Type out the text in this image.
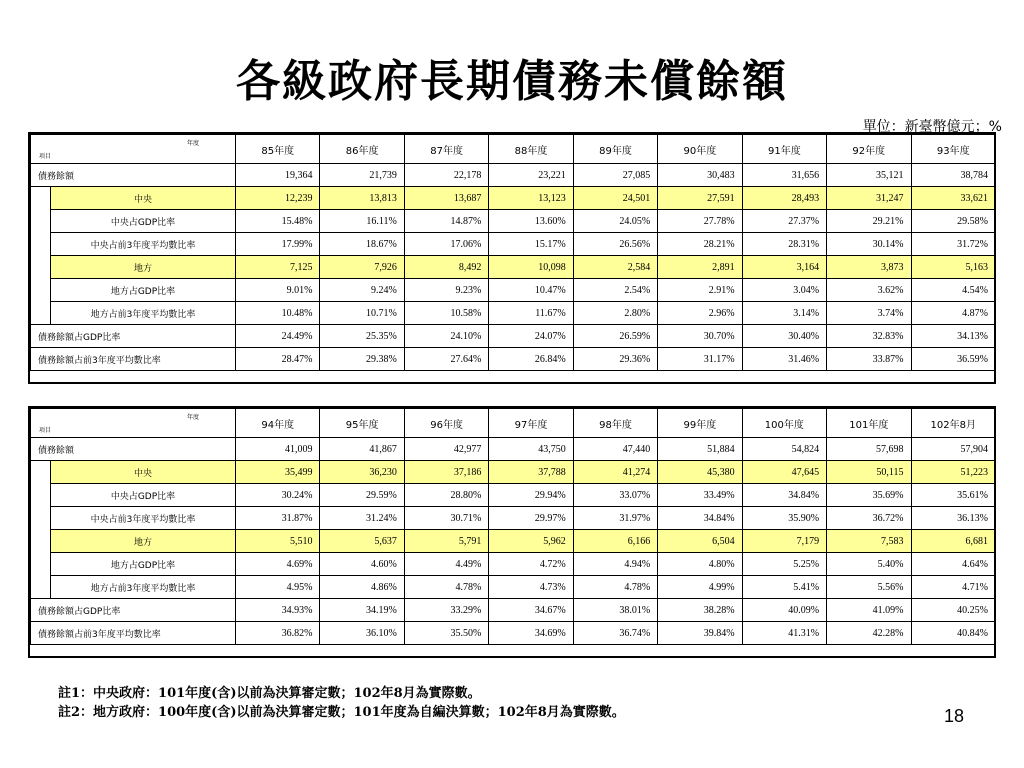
各級政府長期債務未償餘額
單位：新臺幣億元；%
年度
項目		85年度	86年度	87年度	88年度	89年度	90年度	91年度	92年度	93年度
債務餘額		19,364	21,739	22,178	23,221	27,085	30,483	31,656	35,121	38,784
	中央	12,239	13,813	13,687	13,123	24,501	27,591	28,493	31,247	33,621
	中央占GDP比率	15.48%	16.11%	14.87%	13.60%	24.05%	27.78%	27.37%	29.21%	29.58%
	中央占前3年度平均數比率	17.99%	18.67%	17.06%	15.17%	26.56%	28.21%	28.31%	30.14%	31.72%
	地方	7,125	7,926	8,492	10,098	2,584	2,891	3,164	3,873	5,163
	地方占GDP比率	9.01%	9.24%	9.23%	10.47%	2.54%	2.91%	3.04%	3.62%	4.54%
	地方占前3年度平均數比率	10.48%	10.71%	10.58%	11.67%	2.80%	2.96%	3.14%	3.74%	4.87%
債務餘額占GDP比率		24.49%	25.35%	24.10%	24.07%	26.59%	30.70%	30.40%	32.83%	34.13%
債務餘額占前3年度平均數比率		28.47%	29.38%	27.64%	26.84%	29.36%	31.17%	31.46%	33.87%	36.59%
年度
項目		94年度	95年度	96年度	97年度	98年度	99年度	100年度	101年度	102年8月
債務餘額		41,009	41,867	42,977	43,750	47,440	51,884	54,824	57,698	57,904
	中央	35,499	36,230	37,186	37,788	41,274	45,380	47,645	50,115	51,223
	中央占GDP比率	30.24%	29.59%	28.80%	29.94%	33.07%	33.49%	34.84%	35.69%	35.61%
	中央占前3年度平均數比率	31.87%	31.24%	30.71%	29.97%	31.97%	34.84%	35.90%	36.72%	36.13%
	地方	5,510	5,637	5,791	5,962	6,166	6,504	7,179	7,583	6,681
	地方占GDP比率	4.69%	4.60%	4.49%	4.72%	4.94%	4.80%	5.25%	5.40%	4.64%
	地方占前3年度平均數比率	4.95%	4.86%	4.78%	4.73%	4.78%	4.99%	5.41%	5.56%	4.71%
債務餘額占GDP比率		34.93%	34.19%	33.29%	34.67%	38.01%	38.28%	40.09%	41.09%	40.25%
債務餘額占前3年度平均數比率		36.82%	36.10%	35.50%	34.69%	36.74%	39.84%	41.31%	42.28%	40.84%
註1：中央政府：101年度(含)以前為決算審定數；102年8月為實際數。
註2：地方政府：100年度(含)以前為決算審定數；101年度為自編決算數；102年8月為實際數。	18
